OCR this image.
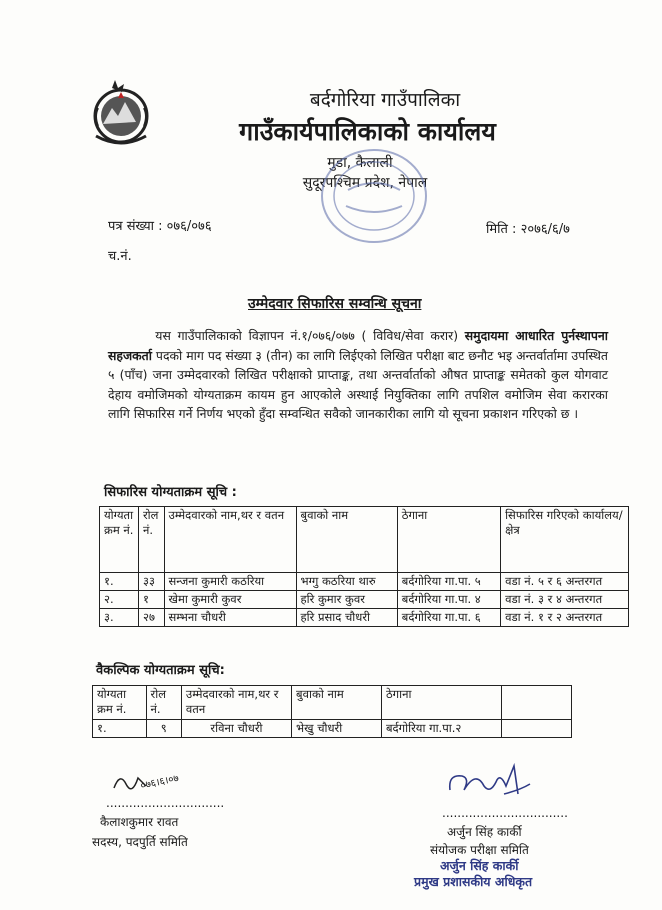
बर्दगोरिया गाउँपालिका
गाउँकार्यपालिकाको कार्यालय
मुडा, कैलाली
सुदूरपश्चिम प्रदेश, नेपाल
पत्र संख्या : ०७६/०७६
च.नं.
मिति : २०७६/६/७
उम्मेदवार सिफारिस सम्वन्धि सूचना
यस गाउँपालिकाको विज्ञापन नं.१/०७६/०७७ ( विविध/सेवा करार) समुदायमा आधारित पुर्नस्थापना सहजकर्ता पदको माग पद संख्या ३ (तीन) का लागि लिईएको लिखित परीक्षा बाट छनौट भइ अन्तर्वार्तामा उपस्थित ५ (पाँच) जना उम्मेदवारको लिखित परीक्षाको प्राप्ताङ्क, तथा अन्तर्वार्ताको औषत प्राप्ताङ्क समेतको कुल योगवाट देहाय वमोजिमको योग्यताक्रम कायम हुन आएकोले अस्थाई नियुक्तिका लागि तपशिल वमोजिम सेवा करारका लागि सिफारिस गर्ने निर्णय भएको हुँदा सम्वन्धित सवैको जानकारीका लागि यो सूचना प्रकाशन गरिएको छ ।
सिफारिस योग्यताक्रम सूचि :
योग्यता क्रम नं.	रोल नं.	उम्मेदवारको नाम,थर र वतन	बुवाको नाम	ठेगाना	सिफारिस गरिएको कार्यालय/क्षेत्र
१.	३३	सन्जना कुमारी कठरिया	भग्गु कठरिया थारु	बर्दगोरिया गा.पा. ५	वडा नं. ५ र ६ अन्तरगत
२.	१	खेमा कुमारी कुवर	हरि कुमार कुवर	बर्दगोरिया गा.पा. ४	वडा नं. ३ र ४ अन्तरगत
३.	२७	सम्भना चौधरी	हरि प्रसाद चौधरी	बर्दगोरिया गा.पा. ६	वडा नं. १ र २ अन्तरगत
वैकल्पिक योग्यताक्रम सूचि:
योग्यता क्रम नं.	रोल नं.	उम्मेदवारको नाम,थर र वतन	बुवाको नाम	ठेगाना	
१.	९	रविना चौधरी	भेखु चौधरी	बर्दगोरिया गा.पा.२	
०७६।६।०७
...............................
कैलाशकुमार रावत
सदस्य, पदपुर्ति समिति
.................................
अर्जुन सिंह कार्की
संयोजक परीक्षा समिति
अर्जुन सिंह कार्की
प्रमुख प्रशासकीय अधिकृत
